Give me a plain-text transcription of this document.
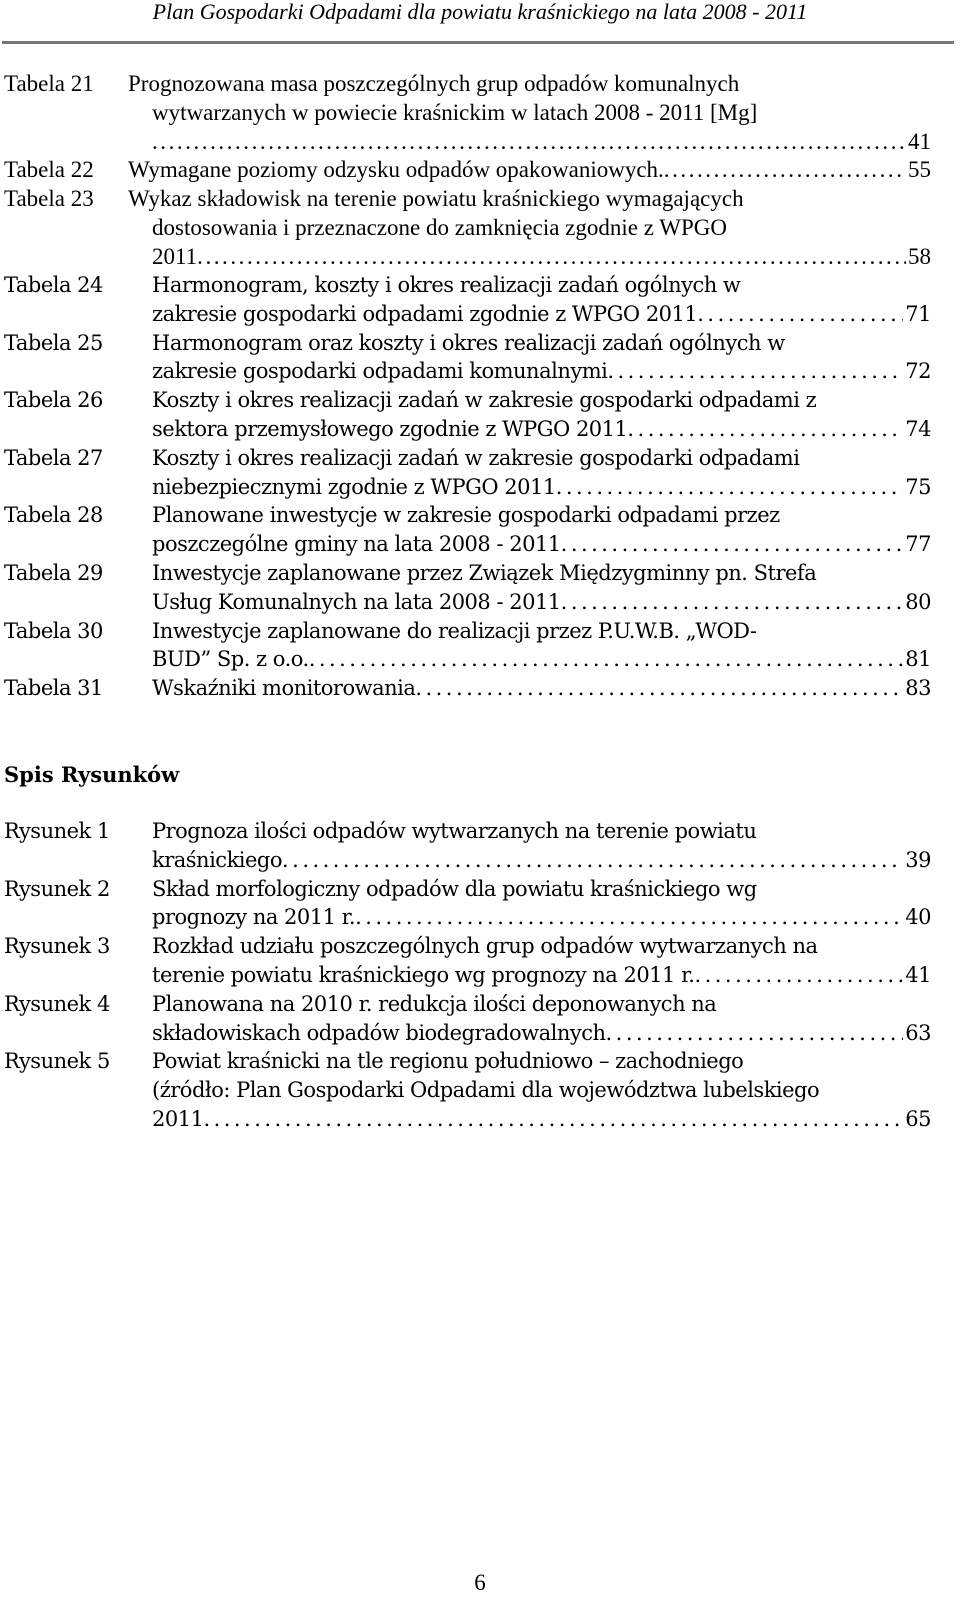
Plan Gospodarki Odpadami dla powiatu kraśnickiego na lata 2008 - 2011
Tabela 21 Prognozowana masa poszczególnych grup odpadów komunalnych
wytwarzanych w powiecie kraśnickim w latach 2008 - 2011 [Mg]
. . .
41
Tabela 22 Wymagane poziomy odzysku odpadów opakowaniowych. . . .	55
Tabela 23 Wykaz składowisk na terenie powiatu kraśnickiego wymagających
dostosowania i przeznaczone do zamknięcia zgodnie z WPGO
2011 . . .	58
Tabela 24 Harmonogram, koszty i okres realizacji zadań ogólnych w
zakresie gospodarki odpadami zgodnie z WPGO 2011 . . .	71
Tabela 25 Harmonogram oraz koszty i okres realizacji zadań ogólnych w
zakresie gospodarki odpadami komunalnymi . . .	72
Tabela 26 Koszty i okres realizacji zadań w zakresie gospodarki odpadami z
sektora przemysłowego zgodnie z WPGO 2011 . . .	74
Tabela 27 Koszty i okres realizacji zadań w zakresie gospodarki odpadami
niebezpiecznymi zgodnie z WPGO 2011 . . .	75
Tabela 28 Planowane inwestycje w zakresie gospodarki odpadami przez
poszczególne gminy na lata 2008 - 2011 . . .	77
Tabela 29 Inwestycje zaplanowane przez Związek Międzygminny pn. Strefa
Usług Komunalnych na lata 2008 - 2011 . . .	80
Tabela 30 Inwestycje zaplanowane do realizacji przez P.U.W.B. „WOD-
BUD” Sp. z o.o. . . .	81
Tabela 31 Wskaźniki monitorowania . . .	83
Spis Rysunków
Rysunek 1 Prognoza ilości odpadów wytwarzanych na terenie powiatu
kraśnickiego . . .	39
Rysunek 2 Skład morfologiczny odpadów dla powiatu kraśnickiego wg
prognozy na 2011 r. . . .	40
Rysunek 3 Rozkład udziału poszczególnych grup odpadów wytwarzanych na
terenie powiatu kraśnickiego wg prognozy na 2011 r. . . .	41
Rysunek 4 Planowana na 2010 r. redukcja ilości deponowanych na
składowiskach odpadów biodegradowalnych . . .	63
Rysunek 5 Powiat kraśnicki na tle regionu południowo – zachodniego
(źródło: Plan Gospodarki Odpadami dla województwa lubelskiego
2011 . . .	65
6
